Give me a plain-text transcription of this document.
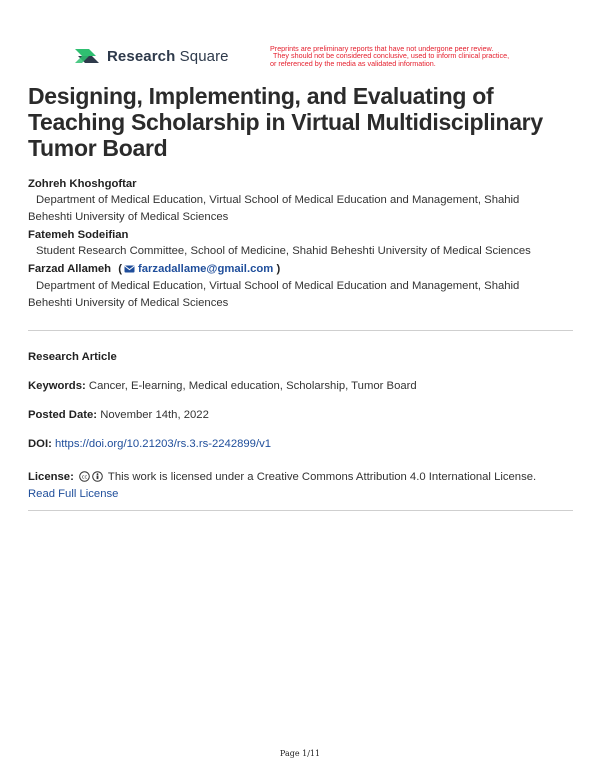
Research Square	Preprints are preliminary reports that have not undergone peer review.
They should not be considered conclusive, used to inform clinical practice,
or referenced by the media as validated information.
Designing, Implementing, and Evaluating of Teaching Scholarship in Virtual Multidisciplinary Tumor Board
Zohreh Khoshgoftar
Department of Medical Education, Virtual School of Medical Education and Management, Shahid
Beheshti University of Medical Sciences
Fatemeh Sodeifian
Student Research Committee, School of Medicine, Shahid Beheshti University of Medical Sciences
Farzad Allameh ( farzadallame@gmail.com )
Department of Medical Education, Virtual School of Medical Education and Management, Shahid
Beheshti University of Medical Sciences
Research Article
Keywords: Cancer, E-learning, Medical education, Scholarship, Tumor Board
Posted Date: November 14th, 2022
DOI: https://doi.org/10.21203/rs.3.rs-2242899/v1
License: cc This work is licensed under a Creative Commons Attribution 4.0 International License.
Read Full License
Page 1/11
